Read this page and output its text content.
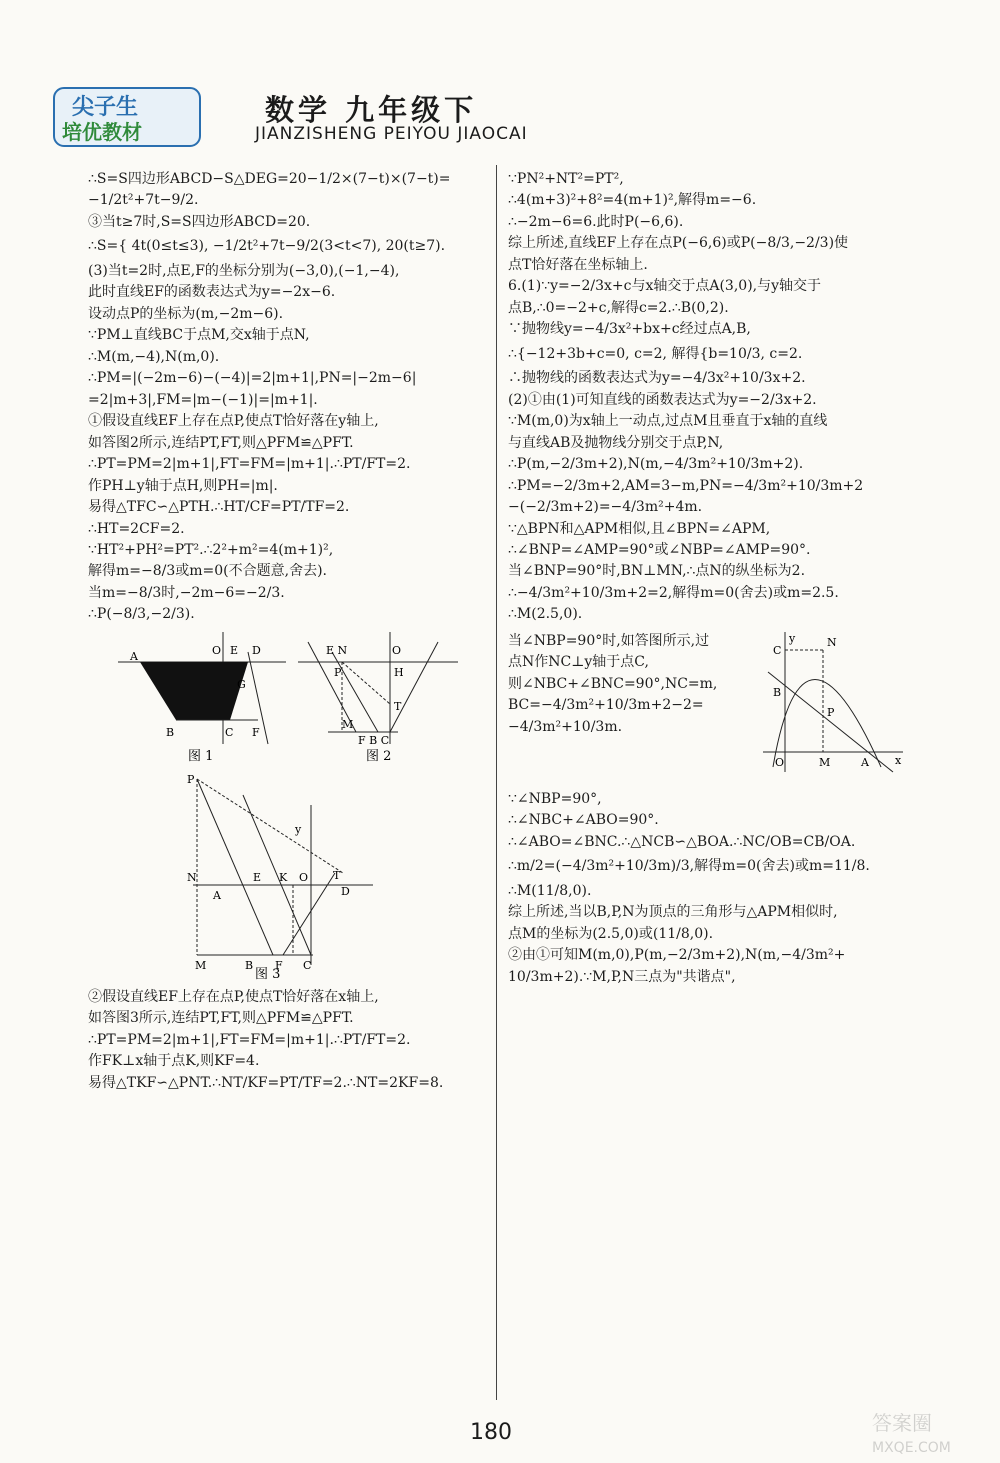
尖子生
培优教材
数学 九年级下
JIANZISHENG PEIYOU JIAOCAI
∴S=S四边形ABCD−S△DEG=20−1/2×(7−t)×(7−t)=
−1/2t²+7t−9/2.
③当t≥7时,S=S四边形ABCD=20.
∴S={ 4t(0≤t≤3), −1/2t²+7t−9/2(3<t<7), 20(t≥7).
(3)当t=2时,点E,F的坐标分别为(−3,0),(−1,−4),
此时直线EF的函数表达式为y=−2x−6.
设动点P的坐标为(m,−2m−6).
∵PM⊥直线BC于点M,交x轴于点N,
∴M(m,−4),N(m,0).
∴PM=|(−2m−6)−(−4)|=2|m+1|,PN=|−2m−6|
=2|m+3|,FM=|m−(−1)|=|m+1|.
①假设直线EF上存在点P,使点T恰好落在y轴上,
如答图2所示,连结PT,FT,则△PFM≌△PFT.
∴PT=PM=2|m+1|,FT=FM=|m+1|.∴PT/FT=2.
作PH⊥y轴于点H,则PH=|m|.
易得△TFC∽△PTH.∴HT/CF=PT/TF=2.
∴HT=2CF=2.
∵HT²+PH²=PT².∴2²+m²=4(m+1)²,
解得m=−8/3或m=0(不合题意,舍去).
当m=−8/3时,−2m−6=−2/3.
∴P(−8/3,−2/3).
A	O E D
G
B	C F
图 1
E N	O
P	H
T
M
F B C
图 2
P
y
N
A
E K O T
D
M	B F C
图 3
②假设直线EF上存在点P,使点T恰好落在x轴上,
如答图3所示,连结PT,FT,则△PFM≌△PFT.
∴PT=PM=2|m+1|,FT=FM=|m+1|.∴PT/FT=2.
作FK⊥x轴于点K,则KF=4.
易得△TKF∽△PNT.∴NT/KF=PT/TF=2.∴NT=2KF=8.
∵PN²+NT²=PT²,
∴4(m+3)²+8²=4(m+1)²,解得m=−6.
∴−2m−6=6.此时P(−6,6).
综上所述,直线EF上存在点P(−6,6)或P(−8/3,−2/3)使
点T恰好落在坐标轴上.
6.(1)∵y=−2/3x+c与x轴交于点A(3,0),与y轴交于
点B,∴0=−2+c,解得c=2.∴B(0,2).
∵抛物线y=−4/3x²+bx+c经过点A,B,
∴{−12+3b+c=0, c=2, 解得{b=10/3, c=2.
∴抛物线的函数表达式为y=−4/3x²+10/3x+2.
(2)①由(1)可知直线的函数表达式为y=−2/3x+2.
∵M(m,0)为x轴上一动点,过点M且垂直于x轴的直线
与直线AB及抛物线分别交于点P,N,
∴P(m,−2/3m+2),N(m,−4/3m²+10/3m+2).
∴PM=−2/3m+2,AM=3−m,PN=−4/3m²+10/3m+2
−(−2/3m+2)=−4/3m²+4m.
∵△BPN和△APM相似,且∠BPN=∠APM,
∴∠BNP=∠AMP=90°或∠NBP=∠AMP=90°.
当∠BNP=90°时,BN⊥MN,∴点N的纵坐标为2.
∴−4/3m²+10/3m+2=2,解得m=0(舍去)或m=2.5.
∴M(2.5,0).
当∠NBP=90°时,如答图所示,过
点N作NC⊥y轴于点C,
则∠NBC+∠BNC=90°,NC=m,
BC=−4/3m²+10/3m+2−2=
−4/3m²+10/3m.
y
C
N
B
P
O	M	A x
∵∠NBP=90°,
∴∠NBC+∠ABO=90°.
∴∠ABO=∠BNC.∴△NCB∽△BOA.∴NC/OB=CB/OA.
∴m/2=(−4/3m²+10/3m)/3,解得m=0(舍去)或m=11/8.
∴M(11/8,0).
综上所述,当以B,P,N为顶点的三角形与△APM相似时,
点M的坐标为(2.5,0)或(11/8,0).
②由①可知M(m,0),P(m,−2/3m+2),N(m,−4/3m²+
10/3m+2).∵M,P,N三点为"共谐点",
180	答案圈
MXQE.COM
